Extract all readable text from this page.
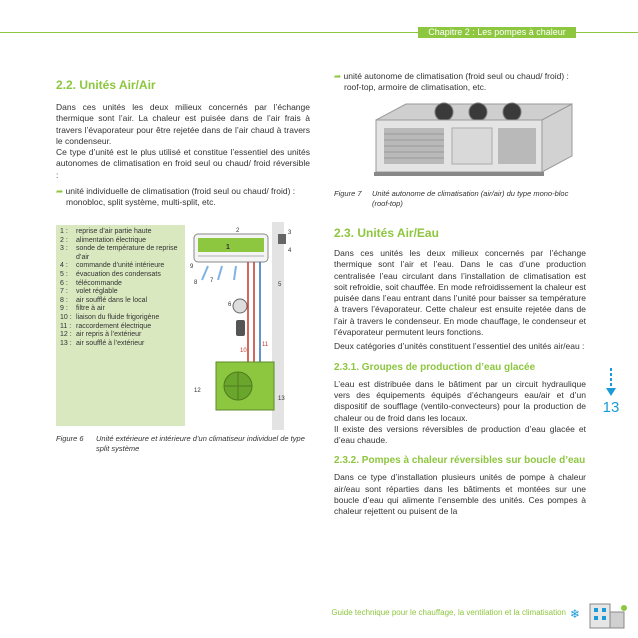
Chapitre 2 : Les pompes à chaleur
2.2. Unités Air/Air

Dans ces unités les deux milieux concernés par l’échange thermique sont l’air. La chaleur est puisée dans de l’air frais à travers l’évaporateur pour être rejetée dans de l’air chaud à travers le condenseur.

Ce type d’unité est le plus utilisé et constitue l’essentiel des unités autonomes de climatisation en froid seul ou chaud/ froid réversible :

➦ unité individuelle de climatisation (froid seul ou chaud/ froid) : monobloc, split système, multi-split, etc.

1 :	reprise d’air partie haute
2 :	alimentation électrique
3 :	sonde de température de reprise d’air
4 :	commande d’unité intérieure
5 :	évacuation des condensats
6 :	télécommande
7 :	volet réglable
8 :	air soufflé dans le local
9 :	filtre à air
10 : liaison du fluide frigorigène
11 : raccordement électrique
12 : air repris à l’extérieur
13 : air soufflé à l’extérieur
3
4
2
1
9
8 7
6
5
10
11
12
13
Figure 6	Unité extérieure et intérieure d’un climatiseur individuel de type split système

➦ unité autonome de climatisation (froid seul ou chaud/ froid) : roof-top, armoire de climatisation, etc.

Figure 7	Unité autonome de climatisation (air/air) du type mono-bloc (roof-top)
2.3. Unités Air/Eau

Dans ces unités les deux milieux concernés par l’échange thermique sont l’air et l’eau. Dans le cas d’une production centralisée l’eau circulant dans l’installation de climatisation est soit refroidie, soit chauffée. En mode refroidissement la chaleur est puisée dans l’eau entrant dans l’unité pour baisser sa température à travers l’évaporateur. Cette chaleur est ensuite rejetée dans de l’air à travers le condenseur. En mode chauffage, le condenseur et l’évaporateur permutent leurs fonctions.

Deux catégories d’unités constituent l’essentiel des unités air/eau :

2.3.1. Groupes de production d’eau glacée

L’eau est distribuée dans le bâtiment par un circuit hydraulique vers des équipements équipés d’échangeurs eau/air et d’un dispositif de soufflage (ventilo-convecteurs) pour la production de chaleur ou de froid dans les locaux.

Il existe des versions réversibles de production d’eau glacée et d’eau chaude.

2.3.2. Pompes à chaleur réversibles sur boucle d’eau

Dans ce type d’installation plusieurs unités de pompe à chaleur air/eau sont réparties dans les bâtiments et montées sur une boucle d’eau qui alimente l’ensemble des unités. Ces pompes à chaleur rejettent ou puisent de la

13
Guide technique pour le chauffage, la ventilation et la climatisation ❄
